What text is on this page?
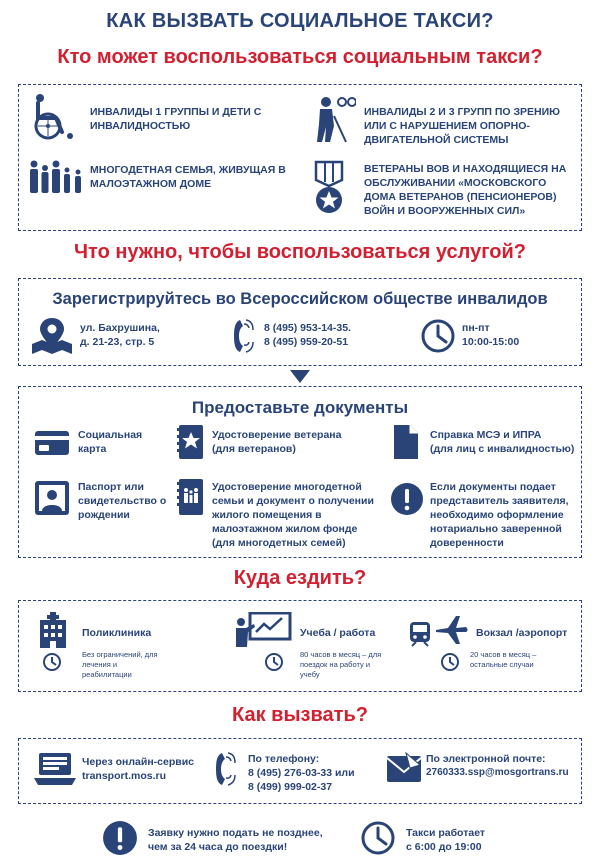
КАК ВЫЗВАТЬ СОЦИАЛЬНОЕ ТАКСИ?
Кто может воспользоваться социальным такси?
ИНВАЛИДЫ 1 ГРУППЫ И ДЕТИ С ИНВАЛИДНОСТЬЮ
ИНВАЛИДЫ 2 И 3 ГРУПП ПО ЗРЕНИЮ ИЛИ С НАРУШЕНИЕМ ОПОРНО-ДВИГАТЕЛЬНОЙ СИСТЕМЫ
МНОГОДЕТНАЯ СЕМЬЯ, ЖИВУЩАЯ В МАЛОЭТАЖНОМ ДОМЕ
ВЕТЕРАНЫ ВОВ И НАХОДЯЩИЕСЯ НА ОБСЛУЖИВАНИИ «МОСКОВСКОГО ДОМА ВЕТЕРАНОВ (ПЕНСИОНЕРОВ) ВОЙН И ВООРУЖЕННЫХ СИЛ»
Что нужно, чтобы воспользоваться услугой?
Зарегистрируйтесь во Всероссийском обществе инвалидов
ул. Бахрушина,
д. 21-23, стр. 5
8 (495) 953-14-35.
8 (495) 959-20-51
пн-пт
10:00-15:00
Предоставьте документы
Социальная карта
Удостоверение ветерана
(для ветеранов)
Справка МСЭ и ИПРА
(для лиц с инвалидностью)
Паспорт или свидетельство о рождении
Удостоверение многодетной семьи и документ о получении жилого помещения в малоэтажном жилом фонде
(для многодетных семей)
Если документы подает представитель заявителя, необходимо оформление нотариально заверенной доверенности
Куда ездить?
Поликлиника
Без ограничений, для лечения и реабилитации
Учеба / работа
80 часов в месяц – для поездок на работу и учебу
Вокзал /аэропорт
20 часов в месяц – остальные случаи
Как вызвать?
Через онлайн-сервис
transport.mos.ru
По телефону:
8 (495) 276-03-33 или
8 (499) 999-02-37
По электронной почте:
2760333.ssp@mosgortrans.ru
Заявку нужно подать не позднее,
чем за 24 часа до поездки!
Такси работает
с 6:00 до 19:00
